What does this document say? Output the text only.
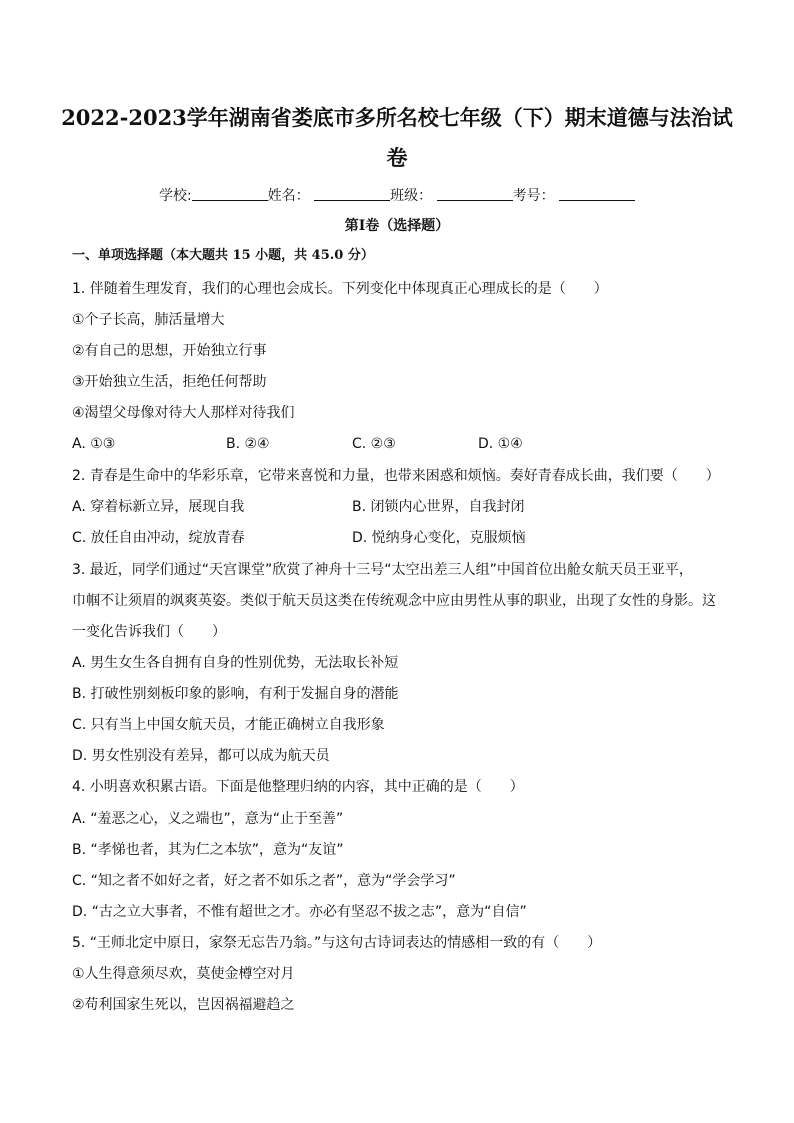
2022-2023学年湖南省娄底市多所名校七年级（下）期末道德与法治试
卷
学校:	姓名：	班级：	考号：
第Ⅰ卷（选择题）
一、单项选择题（本大题共 15 小题，共 45.0 分）
1. 伴随着生理发育，我们的心理也会成长。下列变化中体现真正心理成长的是（　　）
①个子长高，肺活量增大
②有自己的思想，开始独立行事
③开始独立生活，拒绝任何帮助
④渴望父母像对待大人那样对待我们
A. ①③	B. ②④	C. ②③	D. ①④
2. 青春是生命中的华彩乐章，它带来喜悦和力量，也带来困惑和烦恼。奏好青春成长曲，我们要（　　）
A. 穿着标新立异，展现自我	B. 闭锁内心世界，自我封闭
C. 放任自由冲动，绽放青春	D. 悦纳身心变化，克服烦恼
3. 最近，同学们通过“天宫课堂”欣赏了神舟十三号“太空出差三人组”中国首位出舱女航天员王亚平，
巾帼不让须眉的飒爽英姿。类似于航天员这类在传统观念中应由男性从事的职业，出现了女性的身影。这
一变化告诉我们（　　）
A. 男生女生各自拥有自身的性别优势，无法取长补短
B. 打破性别刻板印象的影响，有利于发掘自身的潜能
C. 只有当上中国女航天员，才能正确树立自我形象
D. 男女性别没有差异，都可以成为航天员
4. 小明喜欢积累古语。下面是他整理归纳的内容，其中正确的是（　　）
A. “羞恶之心，义之端也”，意为“止于至善”
B. “孝悌也者，其为仁之本欤”，意为“友谊”
C. “知之者不如好之者，好之者不如乐之者”，意为“学会学习”
D. “古之立大事者，不惟有超世之才。亦必有坚忍不拔之志”，意为“自信”
5. “王师北定中原日，家祭无忘告乃翁。”与这句古诗词表达的情感相一致的有（　　）
①人生得意须尽欢，莫使金樽空对月
②苟利国家生死以，岂因祸福避趋之
